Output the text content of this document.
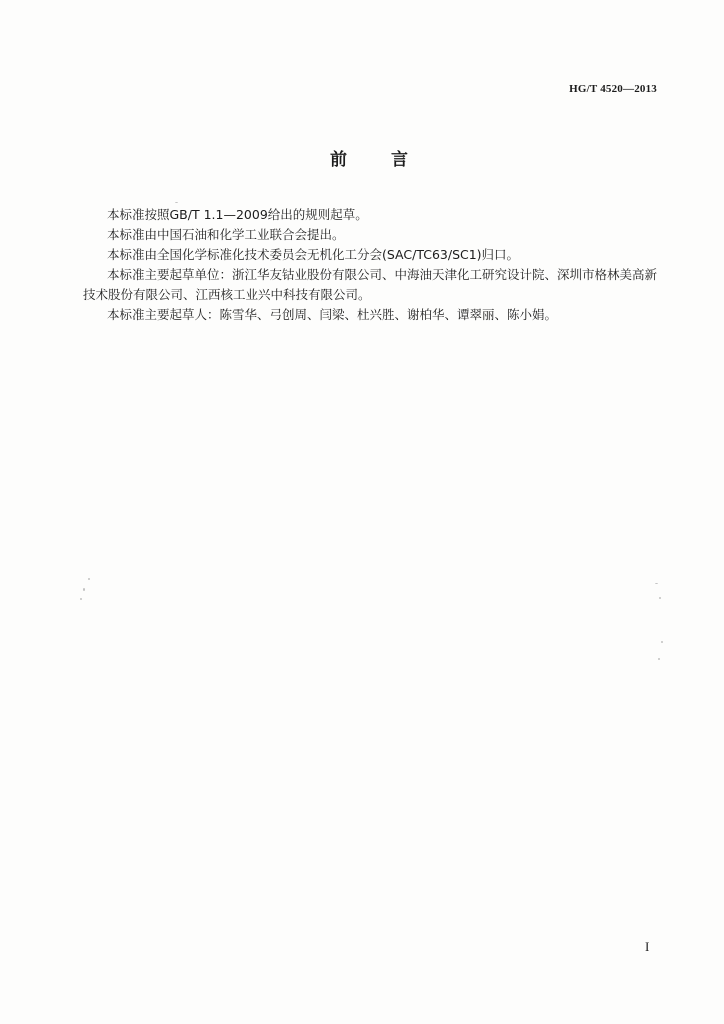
HG/T 4520—2013
前	言

本标准按照GB/T 1.1—2009给出的规则起草。

本标准由中国石油和化学工业联合会提出。

本标准由全国化学标准化技术委员会无机化工分会(SAC/TC63/SC1)归口。

本标准主要起草单位：浙江华友钴业股份有限公司、中海油天津化工研究设计院、深圳市格林美高新技术股份有限公司、江西核工业兴中科技有限公司。

本标准主要起草人：陈雪华、弓创周、闫梁、杜兴胜、谢柏华、谭翠丽、陈小娟。

I
